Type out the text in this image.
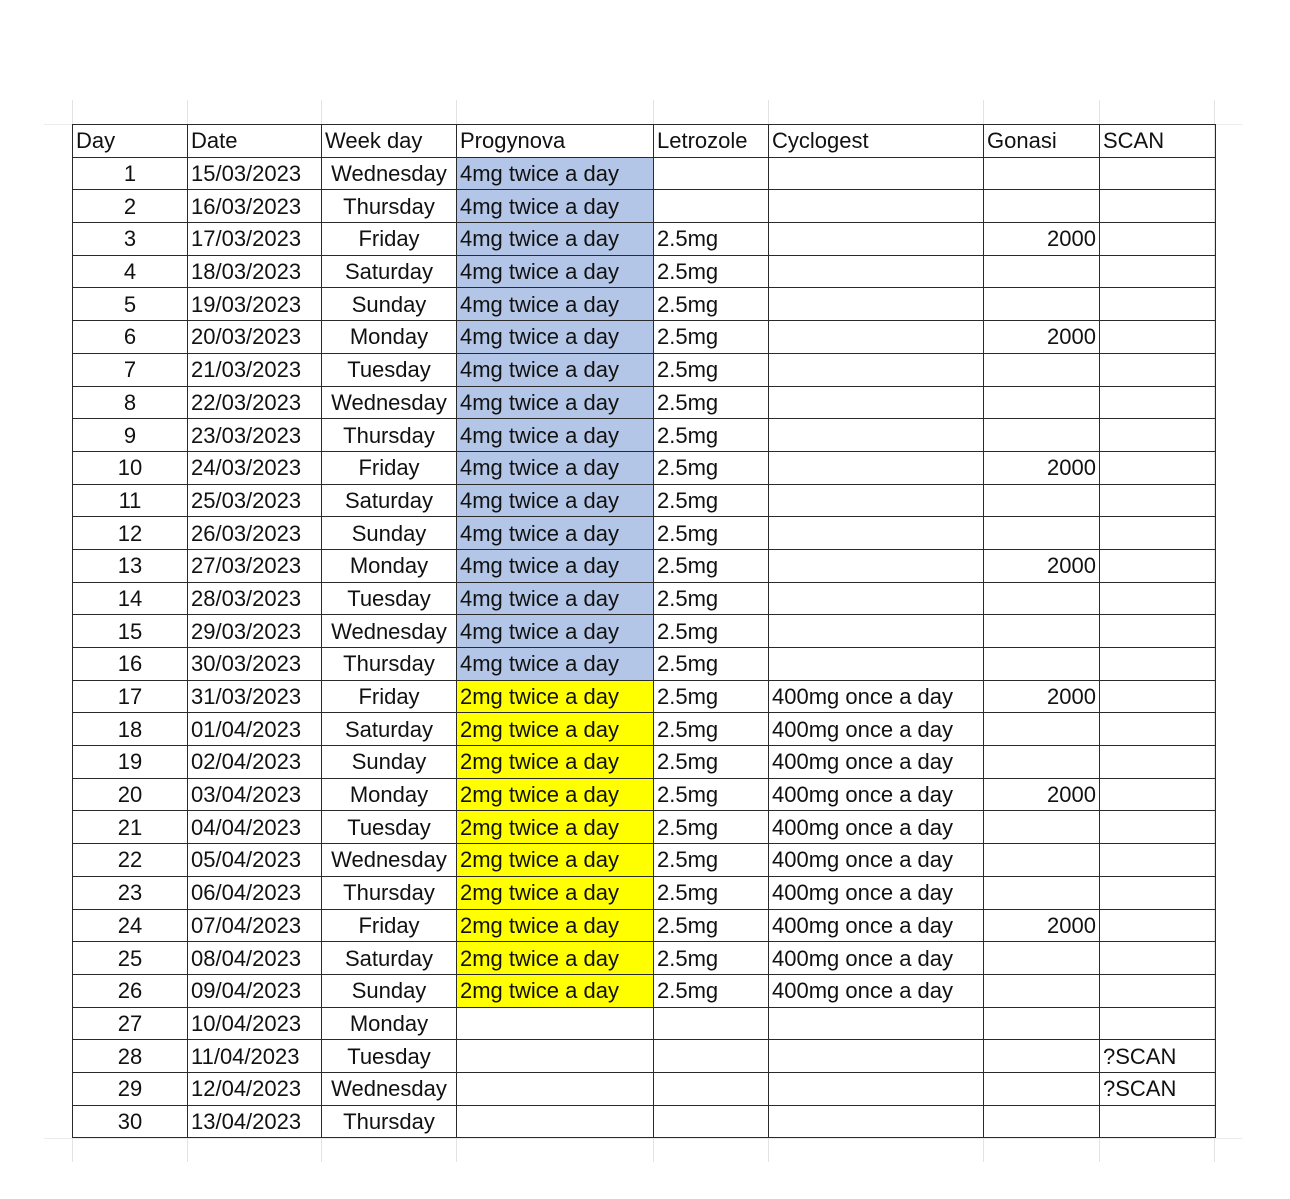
Day	Date	Week day	Progynova	Letrozole	Cyclogest	Gonasi	SCAN
1	15/03/2023	Wednesday	4mg twice a day				
2	16/03/2023	Thursday	4mg twice a day				
3	17/03/2023	Friday	4mg twice a day	2.5mg		2000	
4	18/03/2023	Saturday	4mg twice a day	2.5mg			
5	19/03/2023	Sunday	4mg twice a day	2.5mg			
6	20/03/2023	Monday	4mg twice a day	2.5mg		2000	
7	21/03/2023	Tuesday	4mg twice a day	2.5mg			
8	22/03/2023	Wednesday	4mg twice a day	2.5mg			
9	23/03/2023	Thursday	4mg twice a day	2.5mg			
10	24/03/2023	Friday	4mg twice a day	2.5mg		2000	
11	25/03/2023	Saturday	4mg twice a day	2.5mg			
12	26/03/2023	Sunday	4mg twice a day	2.5mg			
13	27/03/2023	Monday	4mg twice a day	2.5mg		2000	
14	28/03/2023	Tuesday	4mg twice a day	2.5mg			
15	29/03/2023	Wednesday	4mg twice a day	2.5mg			
16	30/03/2023	Thursday	4mg twice a day	2.5mg			
17	31/03/2023	Friday	2mg twice a day	2.5mg	400mg once a day	2000	
18	01/04/2023	Saturday	2mg twice a day	2.5mg	400mg once a day		
19	02/04/2023	Sunday	2mg twice a day	2.5mg	400mg once a day		
20	03/04/2023	Monday	2mg twice a day	2.5mg	400mg once a day	2000	
21	04/04/2023	Tuesday	2mg twice a day	2.5mg	400mg once a day		
22	05/04/2023	Wednesday	2mg twice a day	2.5mg	400mg once a day		
23	06/04/2023	Thursday	2mg twice a day	2.5mg	400mg once a day		
24	07/04/2023	Friday	2mg twice a day	2.5mg	400mg once a day	2000	
25	08/04/2023	Saturday	2mg twice a day	2.5mg	400mg once a day		
26	09/04/2023	Sunday	2mg twice a day	2.5mg	400mg once a day		
27	10/04/2023	Monday					
28	11/04/2023	Tuesday					?SCAN
29	12/04/2023	Wednesday					?SCAN
30	13/04/2023	Thursday					
